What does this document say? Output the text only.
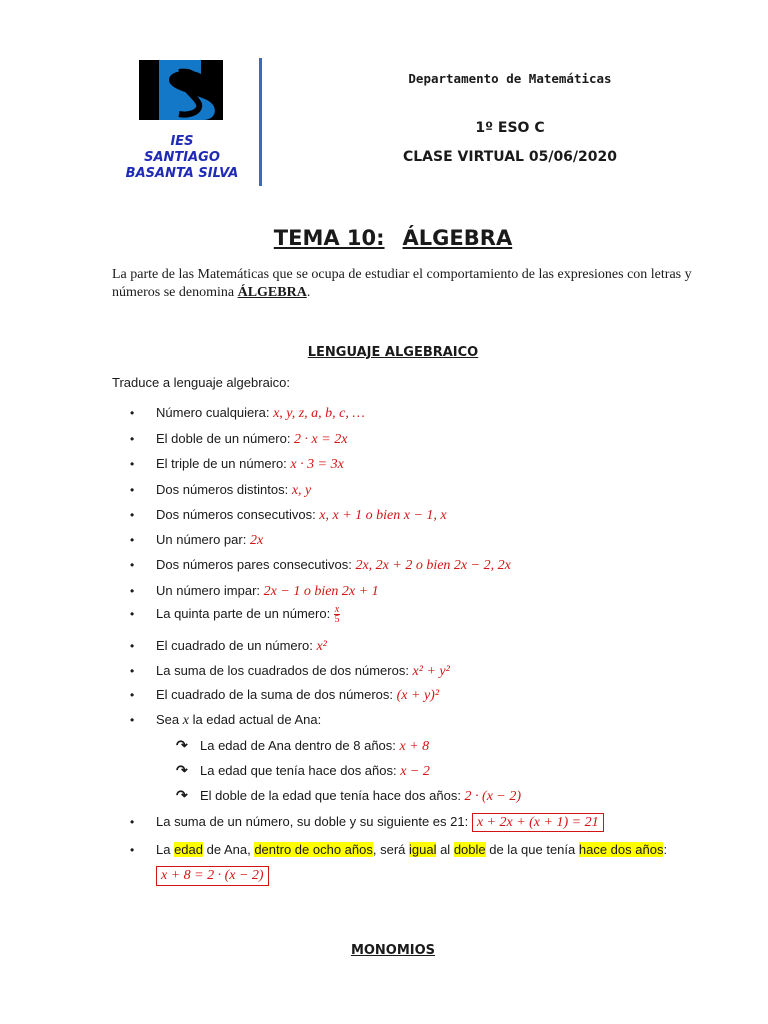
IES
SANTIAGO
BASANTA SILVA
Departamento de Matemáticas
1º ESO C
CLASE VIRTUAL 05/06/2020
TEMA 10: ÁLGEBRA
La parte de las Matemáticas que se ocupa de estudiar el comportamiento de las expresiones con letras y números se denomina ÁLGEBRA.
LENGUAJE ALGEBRAICO
Traduce a lenguaje algebraico:
• Número cualquiera: x, y, z, a, b, c, …
• El doble de un número: 2 · x = 2x
• El triple de un número: x · 3 = 3x
• Dos números distintos: x, y
• Dos números consecutivos: x, x + 1 o bien x − 1, x
• Un número par: 2x
• Dos números pares consecutivos: 2x, 2x + 2 o bien 2x − 2, 2x
• Un número impar: 2x − 1 o bien 2x + 1
• La quinta parte de un número: $\frac{x}{5}$
• El cuadrado de un número: x²
• La suma de los cuadrados de dos números: x² + y²
• El cuadrado de la suma de dos números: (x + y)²
• Sea x la edad actual de Ana:
↷ La edad de Ana dentro de 8 años: x + 8
↷ La edad que tenía hace dos años: x − 2
↷ El doble de la edad que tenía hace dos años: 2 · (x − 2)
• La suma de un número, su doble y su siguiente es 21: x + 2x + (x + 1) = 21
• La edad de Ana, dentro de ocho años, será igual al doble de la que tenía hace dos años:
x + 8 = 2 · (x − 2)
MONOMIOS
